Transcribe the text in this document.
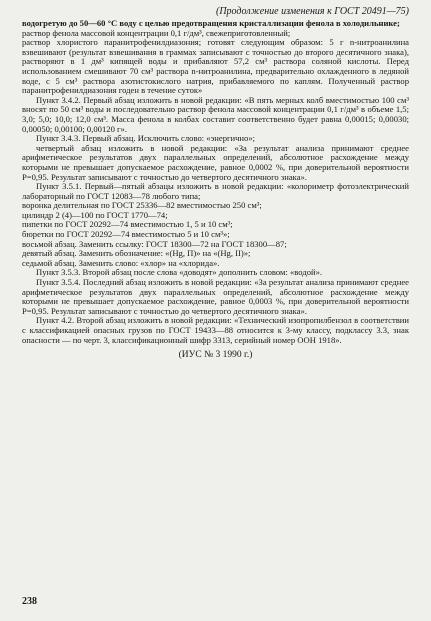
(Продолжение изменения к ГОСТ 20491—75)

водогретую до 50—60 °С воду с целью предотвращения кристаллизации фенола в холодильнике;

раствор фенола массовой концентрации 0,1 г/дм³, свежеприготовленный;

раствор хлористого паранитрофенилдиазония; готовят следующим образом: 5 г n-нитроанилина взвешивают (результат взвешивания в граммах записывают с точностью до второго десятичного знака), растворяют в 1 дм³ кипящей воды и прибавляют 57,2 см³ раствора соляной кислоты. Перед использованием смешивают 70 см³ раствора n-нитроанилина, предварительно охлажденного в ледяной воде, с 5 см³ раствора азотистокислого натрия, прибавляемого по каплям. Полученный раствор паранитрофенилдиазония годен в течение суток»

Пункт 3.4.2. Первый абзац изложить в новой редакции: «В пять мерных колб вместимостью 100 см³ вносят по 50 см³ воды и последовательно раствор фенола массовой концентрации 0,1 г/дм³ в объеме 1,5; 3,0; 5,0; 10,0; 12,0 см³. Масса фенола в колбах составит соответственно будет равна 0,00015; 0,00030; 0,00050; 0,00100; 0,00120 г».

Пункт 3.4.3. Первый абзац. Исключить слово: «энергично»;

четвертый абзац изложить в новой редакции: «За результат анализа принимают среднее арифметическое результатов двух параллельных определений, абсолютное расхождение между которыми не превышает допускаемое расхождение, равное 0,0002 %, при доверительной вероятности P=0,95. Результат записывают с точностью до четвертого десятичного знака».

Пункт 3.5.1. Первый—пятый абзацы изложить в новой редакции: «колориметр фотоэлектрический лабораторный по ГОСТ 12083—78 любого типа;

воронка делительная по ГОСТ 25336—82 вместимостью 250 см³;

цилиндр 2 (4)—100 по ГОСТ 1770—74;

пипетки по ГОСТ 20292—74 вместимостью 1, 5 и 10 см³;

бюретки по ГОСТ 20292—74 вместимостью 5 и 10 см³»;

восьмой абзац. Заменить ссылку: ГОСТ 18300—72 на ГОСТ 18300—87;

девятый абзац. Заменить обозначение: «(Hg, П)» на «(Hg, II)»;

седьмой абзац. Заменить слово: «хлор» на «хлорида».

Пункт 3.5.3. Второй абзац после слова «доводят» дополнить словом: «водой».

Пункт 3.5.4. Последний абзац изложить в новой редакции: «За результат анализа принимают среднее арифметическое результатов двух параллельных определений, абсолютное расхождение между которыми не превышает допускаемое расхождение, равное 0,0003 %, при доверительной вероятности P=0,95. Результат записывают с точностью до четвертого десятичного знака».

Пункт 4.2. Второй абзац изложить в новой редакции: «Технический изопропилбензол в соответствии с классификацией опасных грузов по ГОСТ 19433—88 относится к 3-му классу, подклассу 3.3, знак опасности — по черт. 3, классификационный шифр 3313, серийный номер ООН 1918».

(ИУС № 3 1990 г.)
238
